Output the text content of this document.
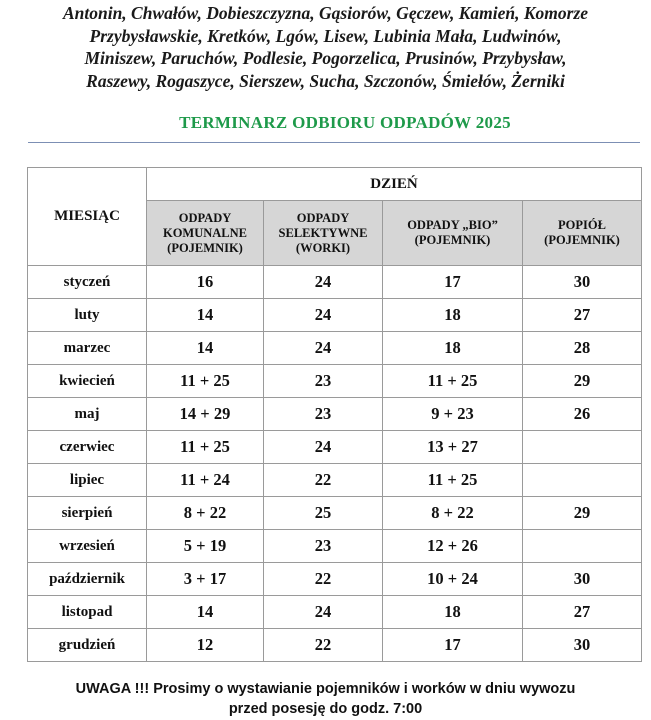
Antonin, Chwałów, Dobieszczyzna, Gąsiorów, Gęczew, Kamień, Komorze
Przybysławskie, Kretków, Lgów, Lisew, Lubinia Mała, Ludwinów,
Miniszew, Paruchów, Podlesie, Pogorzelica, Prusinów, Przybysław,
Raszewy, Rogaszyce, Sierszew, Sucha, Szczonów, Śmiełów, Żerniki
TERMINARZ ODBIORU ODPADÓW 2025
MIESIĄC	DZIEŃ			
	ODPADY KOMUNALNE (POJEMNIK)	ODPADY SELEKTYWNE (WORKI)	ODPADY „BIO” (POJEMNIK)	POPIÓŁ (POJEMNIK)
styczeń	16	24	17	30
luty	14	24	18	27
marzec	14	24	18	28
kwiecień	11 + 25	23	11 + 25	29
maj	14 + 29	23	9 + 23	26
czerwiec	11 + 25	24	13 + 27	
lipiec	11 + 24	22	11 + 25	
sierpień	8 + 22	25	8 + 22	29
wrzesień	5 + 19	23	12 + 26	
październik	3 + 17	22	10 + 24	30
listopad	14	24	18	27
grudzień	12	22	17	30
UWAGA !!! Prosimy o wystawianie pojemników i worków w dniu wywozu
przed posesję do godz. 7:00
